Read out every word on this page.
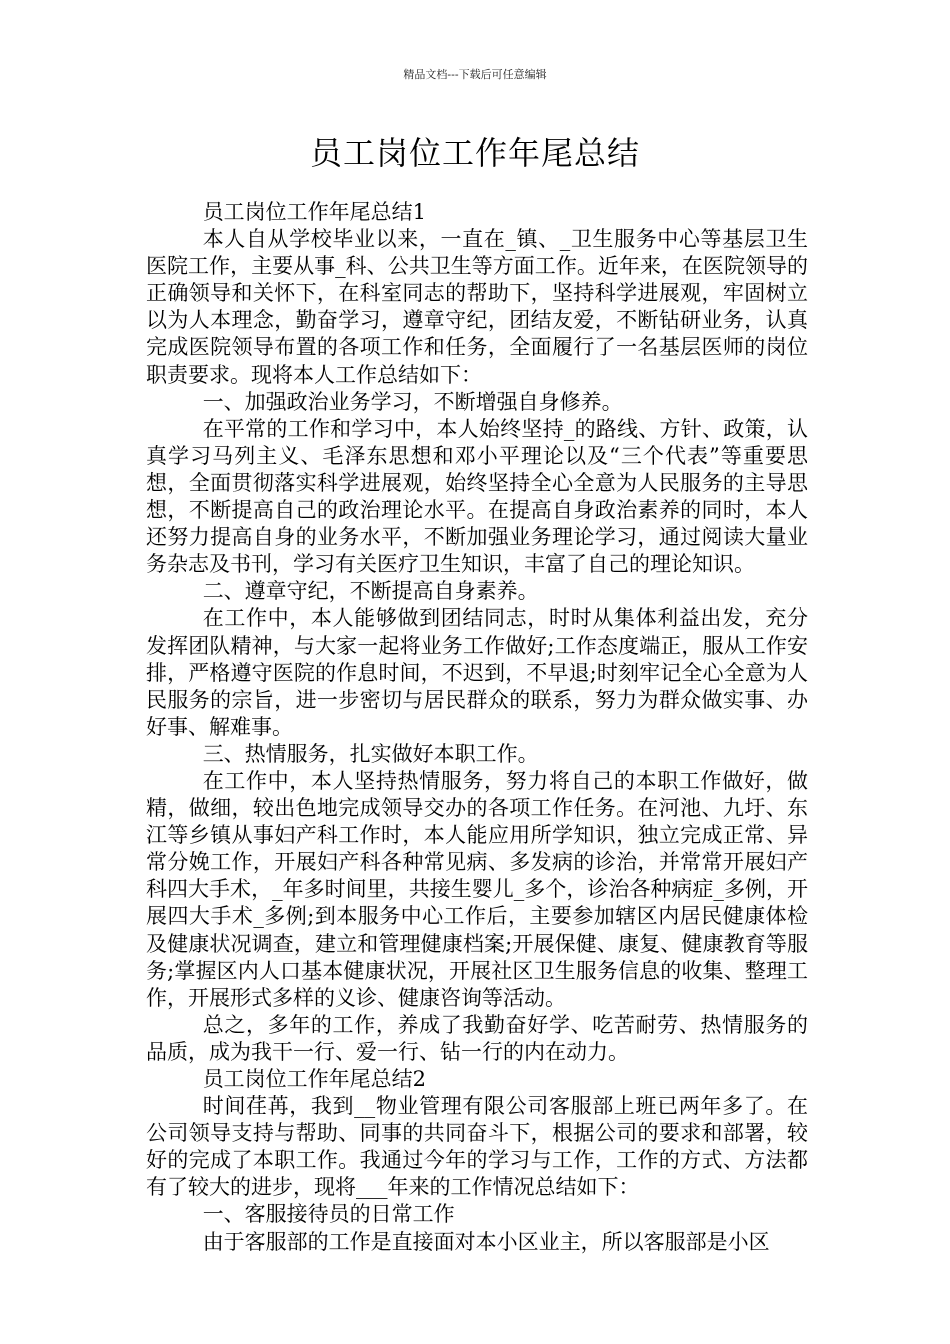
精品文档---下载后可任意编辑
员工岗位工作年尾总结

员工岗位工作年尾总结1

本人自从学校毕业以来，一直在_镇、_卫生服务中心等基层卫生医院工作，主要从事_科、公共卫生等方面工作。近年来，在医院领导的正确领导和关怀下，在科室同志的帮助下，坚持科学进展观，牢固树立以为人本理念，勤奋学习，遵章守纪，团结友爱，不断钻研业务，认真完成医院领导布置的各项工作和任务，全面履行了一名基层医师的岗位职责要求。现将本人工作总结如下：

一、加强政治业务学习，不断增强自身修养。

在平常的工作和学习中，本人始终坚持_的路线、方针、政策，认真学习马列主义、毛泽东思想和邓小平理论以及“三个代表”等重要思想，全面贯彻落实科学进展观，始终坚持全心全意为人民服务的主导思想，不断提高自己的政治理论水平。在提高自身政治素养的同时，本人还努力提高自身的业务水平，不断加强业务理论学习，通过阅读大量业务杂志及书刊，学习有关医疗卫生知识，丰富了自己的理论知识。

二、遵章守纪，不断提高自身素养。

在工作中，本人能够做到团结同志，时时从集体利益出发，充分发挥团队精神，与大家一起将业务工作做好;工作态度端正，服从工作安排，严格遵守医院的作息时间，不迟到，不早退;时刻牢记全心全意为人民服务的宗旨，进一步密切与居民群众的联系，努力为群众做实事、办好事、解难事。

三、热情服务，扎实做好本职工作。

在工作中，本人坚持热情服务，努力将自己的本职工作做好，做精，做细，较出色地完成领导交办的各项工作任务。在河池、九圩、东江等乡镇从事妇产科工作时，本人能应用所学知识，独立完成正常、异常分娩工作，开展妇产科各种常见病、多发病的诊治，并常常开展妇产科四大手术，_年多时间里，共接生婴儿_多个，诊治各种病症_多例，开展四大手术_多例;到本服务中心工作后，主要参加辖区内居民健康体检及健康状况调查，建立和管理健康档案;开展保健、康复、健康教育等服务;掌握区内人口基本健康状况，开展社区卫生服务信息的收集、整理工作，开展形式多样的义诊、健康咨询等活动。

总之，多年的工作，养成了我勤奋好学、吃苦耐劳、热情服务的品质，成为我干一行、爱一行、钻一行的内在动力。

员工岗位工作年尾总结2

时间荏苒，我到__物业管理有限公司客服部上班已两年多了。在公司领导支持与帮助、同事的共同奋斗下，根据公司的要求和部署，较好的完成了本职工作。我通过今年的学习与工作，工作的方式、方法都有了较大的进步，现将___年来的工作情况总结如下：

一、客服接待员的日常工作

由于客服部的工作是直接面对本小区业主，所以客服部是小区
